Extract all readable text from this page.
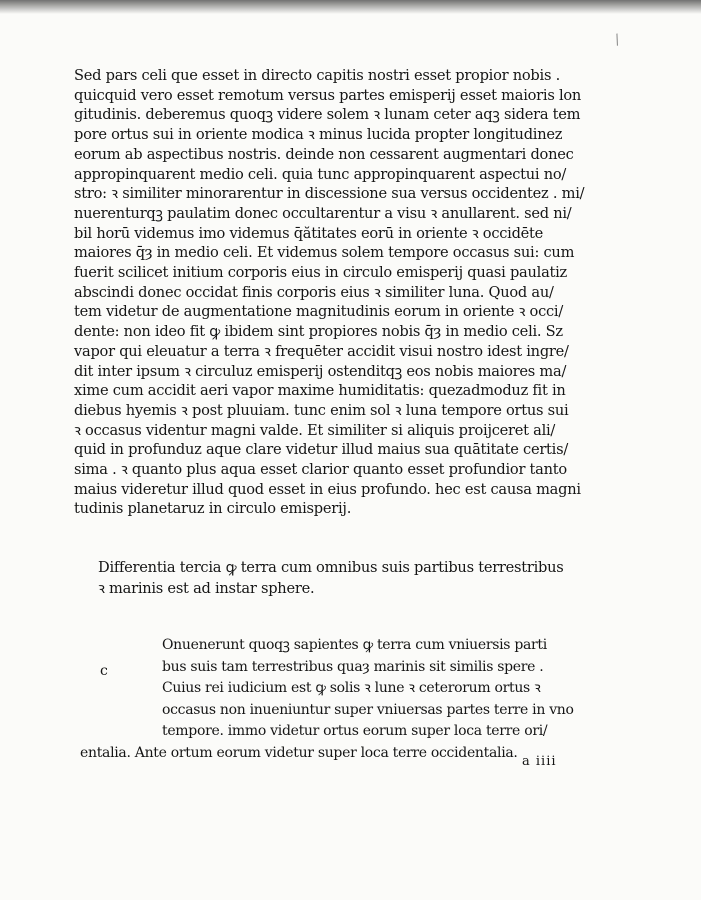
∕
Sed pars celi que esset in directo capitis nostri esset propior nobis .
quicquid vero esset remotum versus partes emisperij esset maioris lon
gitudinis. deberemus quoqꝫ videre solem ꝛ lunam ceter aqꝫ sidera tem
pore ortus sui in oriente modica ꝛ minus lucida propter longitudinez
eorum ab aspectibus nostris. deinde non cessarent augmentari donec
appropinquarent medio celi. quia tunc appropinquarent aspectui no/
stro: ꝛ similiter minorarentur in discessione sua versus occidentez . mi/
nuerenturqꝫ paulatim donec occultarentur a visu ꝛ anullarent. sed ni/
bil horū videmus imo videmus q̄ătitates eorū in oriente ꝛ occidēte
maiores q̄ȝ in medio celi. Et videmus solem tempore occasus sui: cum
fuerit scilicet initium corporis eius in circulo emisperij quasi paulatiz
abscindi donec occidat finis corporis eius ꝛ similiter luna. Quod au/
tem videtur de augmentatione magnitudinis eorum in oriente ꝛ occi/
dente: non ideo fit ꝙ ibidem sint propiores nobis q̄ȝ in medio celi. Sz
vapor qui eleuatur a terra ꝛ frequēter accidit visui nostro idest ingre/
dit inter ipsum ꝛ circuluz emisperij ostenditqꝫ eos nobis maiores ma/
xime cum accidit aeri vapor maxime humiditatis: quezadmoduz fit in
diebus hyemis ꝛ post pluuiam. tunc enim sol ꝛ luna tempore ortus sui
ꝛ occasus videntur magni valde. Et similiter si aliquis proijceret ali/
quid in profunduz aque clare videtur illud maius sua quātitate certis/
sima . ꝛ quanto plus aqua esset clarior quanto esset profundior tanto
maius videretur illud quod esset in eius profundo. hec est causa magni
tudinis planetaruz in circulo emisperij.
Differentia tercia ꝙ terra cum omnibus suis partibus terrestribus
ꝛ marinis est ad instar sphere.
c
Onuenerunt quoqꝫ sapientes ꝙ terra cum vniuersis parti
bus suis tam terrestribus quaȝ marinis sit similis spere .
Cuius rei iudicium est ꝙ solis ꝛ lune ꝛ ceterorum ortus ꝛ
occasus non inueniuntur super vniuersas partes terre in vno
tempore. immo videtur ortus eorum super loca terre ori/
entalia. Ante ortum eorum videtur super loca terre occidentalia.
a iiii
